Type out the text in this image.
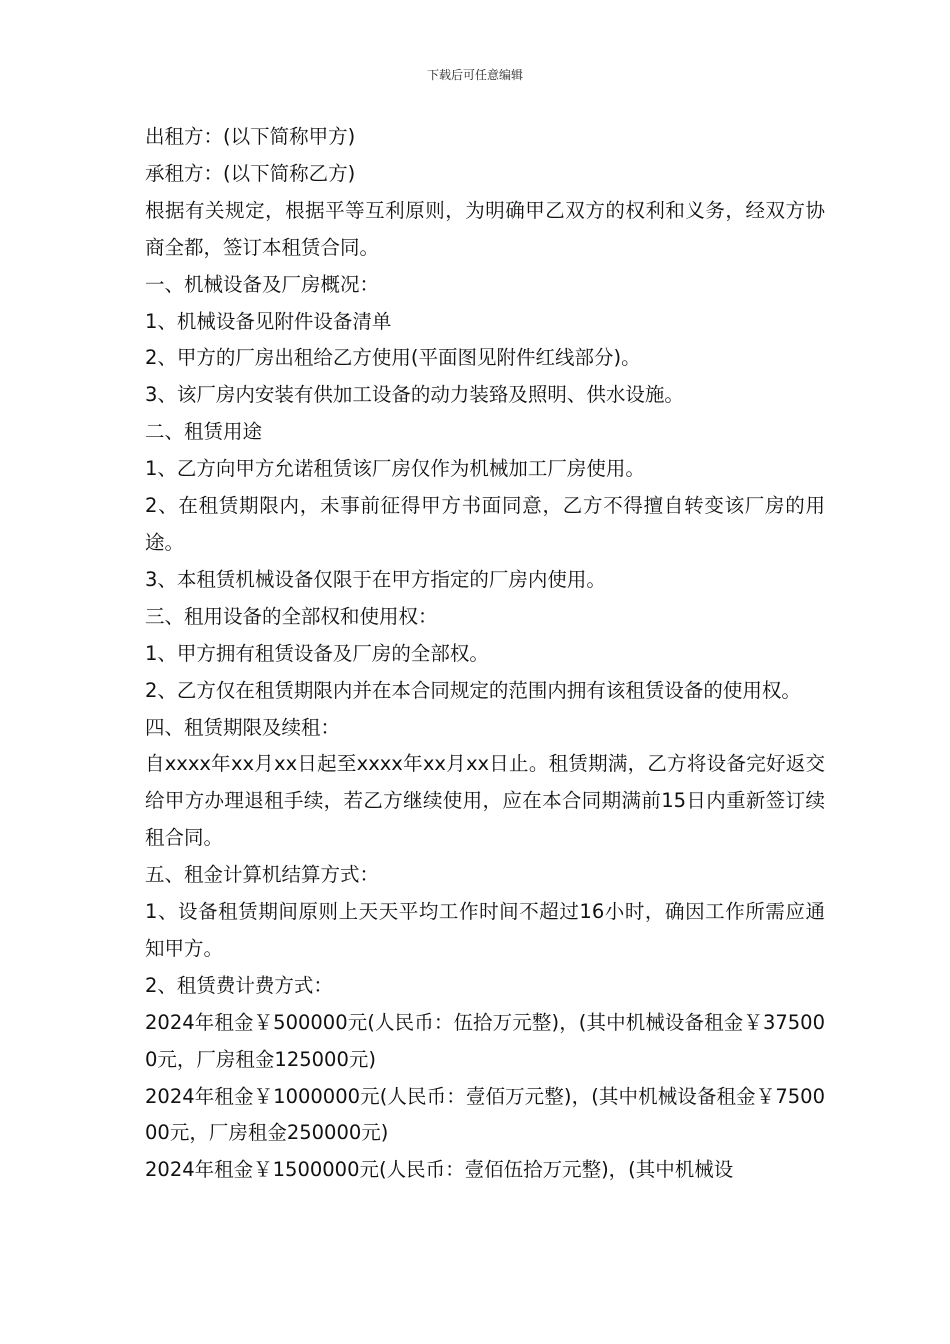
下载后可任意编辑

出租方：(以下简称甲方)

承租方：(以下简称乙方)

根据有关规定，根据平等互利原则，为明确甲乙双方的权利和义务，经双方协商全都，签订本租赁合同。

一、机械设备及厂房概况：

1、机械设备见附件设备清单

2、甲方的厂房出租给乙方使用(平面图见附件红线部分)。

3、该厂房内安装有供加工设备的动力装臵及照明、供水设施。

二、租赁用途

1、乙方向甲方允诺租赁该厂房仅作为机械加工厂房使用。

2、在租赁期限内，未事前征得甲方书面同意，乙方不得擅自转变该厂房的用途。

3、本租赁机械设备仅限于在甲方指定的厂房内使用。

三、租用设备的全部权和使用权：

1、甲方拥有租赁设备及厂房的全部权。

2、乙方仅在租赁期限内并在本合同规定的范围内拥有该租赁设备的使用权。

四、租赁期限及续租：

自xxxx年xx月xx日起至xxxx年xx月xx日止。租赁期满，乙方将设备完好返交给甲方办理退租手续，若乙方继续使用，应在本合同期满前15日内重新签订续租合同。

五、租金计算机结算方式：

1、设备租赁期间原则上天天平均工作时间不超过16小时，确因工作所需应通知甲方。

2、租赁费计费方式：

2024年租金￥500000元(人民币：伍拾万元整)，(其中机械设备租金￥375000元，厂房租金125000元)

2024年租金￥1000000元(人民币：壹佰万元整)，(其中机械设备租金￥750000元，厂房租金250000元)

2024年租金￥1500000元(人民币：壹佰伍拾万元整)，(其中机械设
